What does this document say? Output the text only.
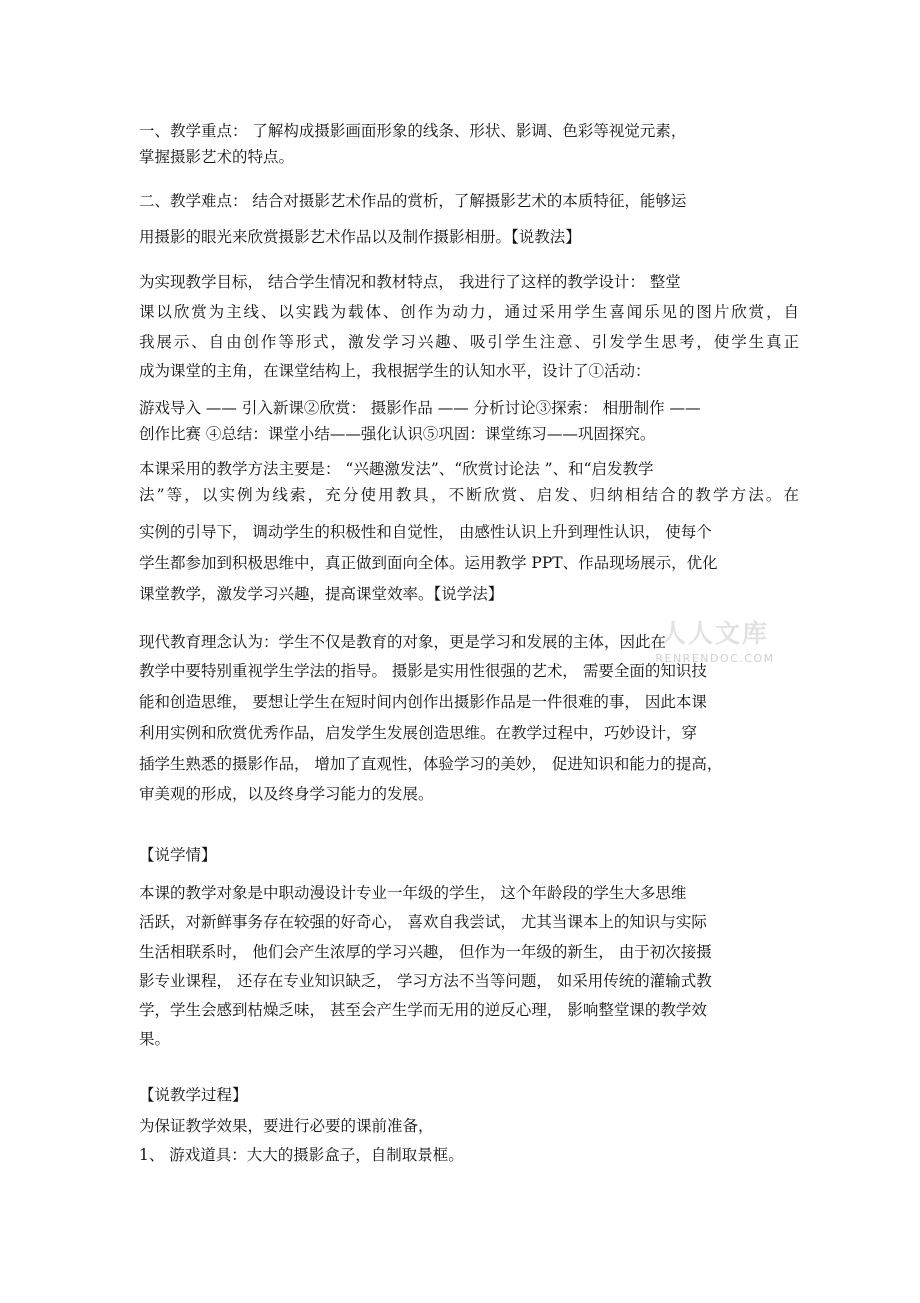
人人文库
RENRENDOC.COM
一、教学重点： 了解构成摄影画面形象的线条、形状、影调、色彩等视觉元素，
掌握摄影艺术的特点。
二、教学难点： 结合对摄影艺术作品的赏析，了解摄影艺术的本质特征，能够运
用摄影的眼光来欣赏摄影艺术作品以及制作摄影相册。【说教法】
为实现教学目标， 结合学生情况和教材特点， 我进行了这样的教学设计： 整堂
课以欣赏为主线、以实践为载体、创作为动力，通过采用学生喜闻乐见的图片欣赏，自
我展示、自由创作等形式，激发学习兴趣、吸引学生注意、引发学生思考，使学生真正
成为课堂的主角，在课堂结构上，我根据学生的认知水平，设计了①活动：
游戏导入 —— 引入新课②欣赏： 摄影作品 —— 分析讨论③探索： 相册制作 ——
创作比赛 ④总结：课堂小结——强化认识⑤巩固：课堂练习——巩固探究。
本课采用的教学方法主要是： “兴趣激发法”、“欣赏讨论法 ”、和“启发教学
法”等，以实例为线索，充分使用教具，不断欣赏、启发、归纳相结合的教学方法。在
实例的引导下， 调动学生的积极性和自觉性， 由感性认识上升到理性认识， 使每个
学生都参加到积极思维中，真正做到面向全体。运用教学 PPT、作品现场展示，优化
课堂教学，激发学习兴趣，提高课堂效率。【说学法】
现代教育理念认为：学生不仅是教育的对象，更是学习和发展的主体，因此在
教学中要特别重视学生学法的指导。 摄影是实用性很强的艺术， 需要全面的知识技
能和创造思维， 要想让学生在短时间内创作出摄影作品是一件很难的事， 因此本课
利用实例和欣赏优秀作品，启发学生发展创造思维。在教学过程中，巧妙设计，穿
插学生熟悉的摄影作品， 增加了直观性，体验学习的美妙， 促进知识和能力的提高，
审美观的形成，以及终身学习能力的发展。
【说学情】
本课的教学对象是中职动漫设计专业一年级的学生， 这个年龄段的学生大多思维
活跃，对新鲜事务存在较强的好奇心， 喜欢自我尝试， 尤其当课本上的知识与实际
生活相联系时， 他们会产生浓厚的学习兴趣， 但作为一年级的新生， 由于初次接摄
影专业课程， 还存在专业知识缺乏， 学习方法不当等问题， 如采用传统的灌输式教
学，学生会感到枯燥乏味， 甚至会产生学而无用的逆反心理， 影响整堂课的教学效
果。
【说教学过程】
为保证教学效果，要进行必要的课前准备，
1、 游戏道具：大大的摄影盒子，自制取景框。
